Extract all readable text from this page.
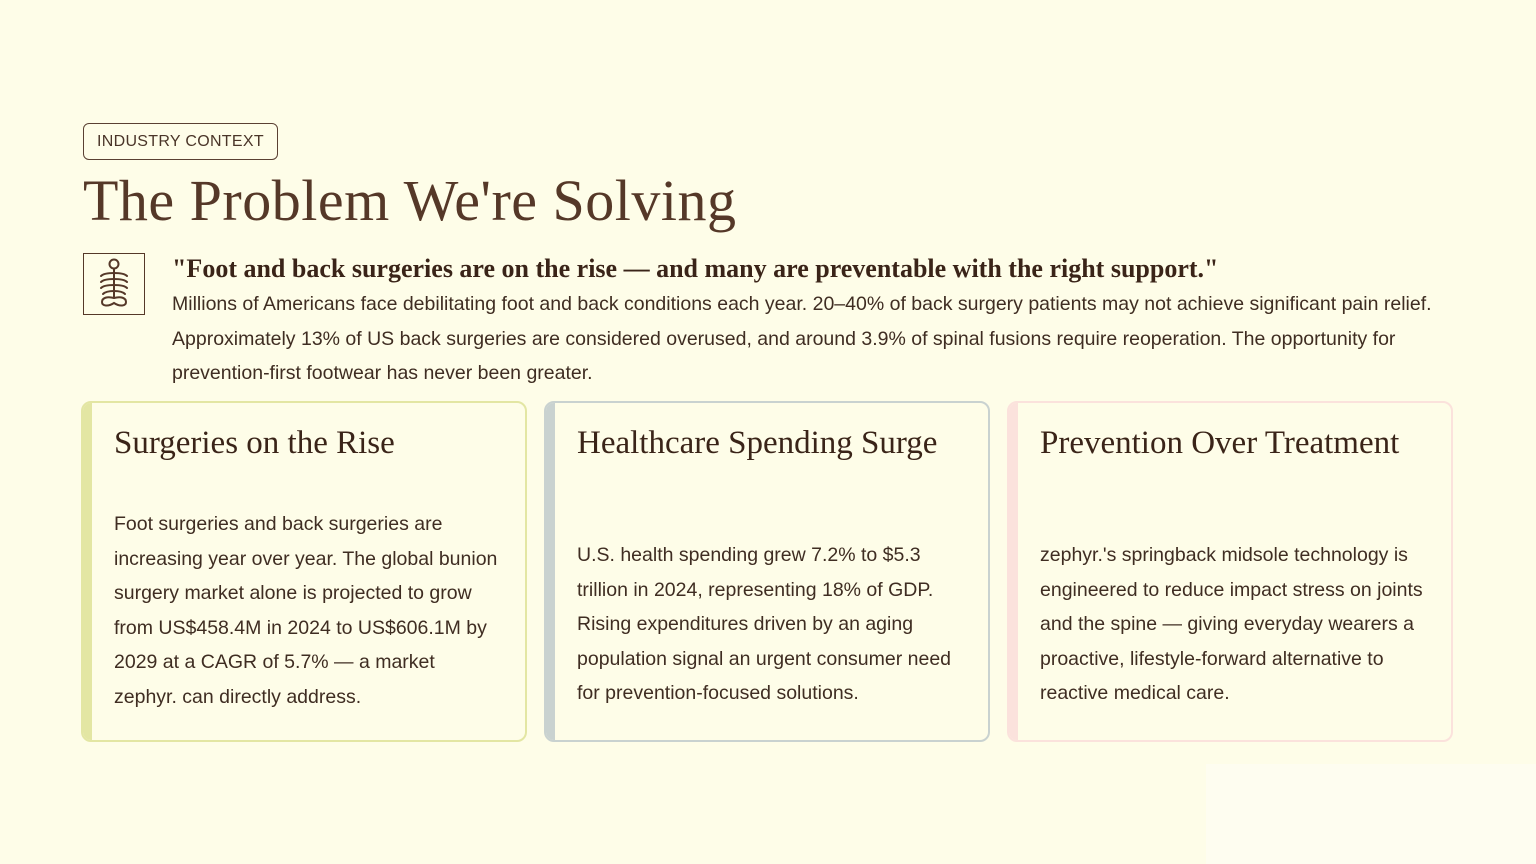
INDUSTRY CONTEXT
The Problem We're Solving

"Foot and back surgeries are on the rise — and many are preventable with the right support."

Millions of Americans face debilitating foot and back conditions each year. 20–40% of back surgery patients may not achieve significant pain relief. Approximately 13% of US back surgeries are considered overused, and around 3.9% of spinal fusions require reoperation. The opportunity for prevention-first footwear has never been greater.

Surgeries on the Rise

Foot surgeries and back surgeries are increasing year over year. The global bunion surgery market alone is projected to grow from US$458.4M in 2024 to US$606.1M by 2029 at a CAGR of 5.7% — a market zephyr. can directly address.

Healthcare Spending Surge

U.S. health spending grew 7.2% to $5.3 trillion in 2024, representing 18% of GDP. Rising expenditures driven by an aging population signal an urgent consumer need for prevention-focused solutions.

Prevention Over Treatment

zephyr.'s springback midsole technology is engineered to reduce impact stress on joints and the spine — giving everyday wearers a proactive, lifestyle-forward alternative to reactive medical care.
